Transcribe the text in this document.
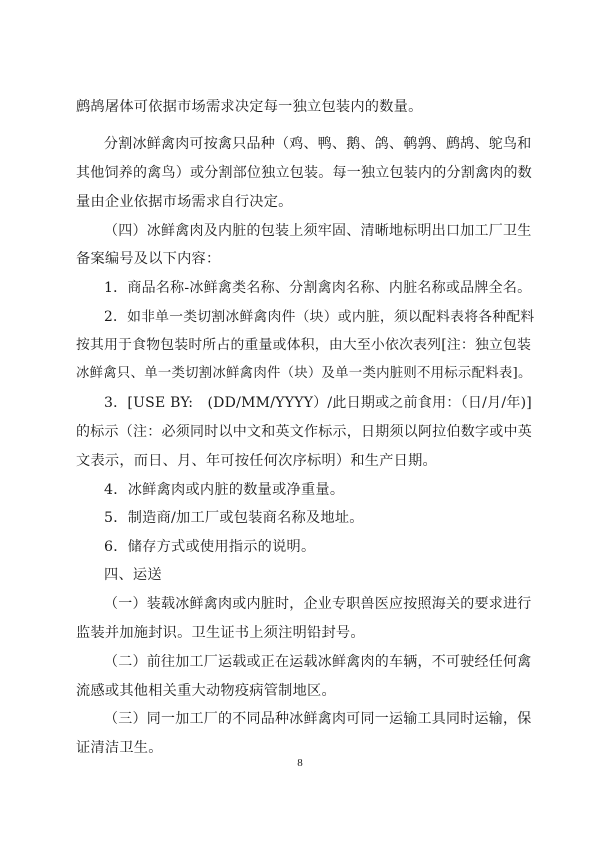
鹧鸪屠体可依据市场需求决定每一独立包装内的数量。
分割冰鲜禽肉可按禽只品种（鸡、鸭、鹅、鸽、鹌鹑、鹧鸪、鸵鸟和
其他饲养的禽鸟）或分割部位独立包装。每一独立包装内的分割禽肉的数
量由企业依据市场需求自行决定。
（四）冰鲜禽肉及内脏的包装上须牢固、清晰地标明出口加工厂卫生
备案编号及以下内容：
1．商品名称-冰鲜禽类名称、分割禽肉名称、内脏名称或品牌全名。
2．如非单一类切割冰鲜禽肉件（块）或内脏，须以配料表将各种配料
按其用于食物包装时所占的重量或体积，由大至小依次表列[注：独立包装
冰鲜禽只、单一类切割冰鲜禽肉件（块）及单一类内脏则不用标示配料表]。
3．[USE BY:　(DD/MM/YYYY）/此日期或之前食用：（日/月/年)]
的标示（注：必须同时以中文和英文作标示，日期须以阿拉伯数字或中英
文表示，而日、月、年可按任何次序标明）和生产日期。
4．冰鲜禽肉或内脏的数量或净重量。
5．制造商/加工厂或包装商名称及地址。
6．储存方式或使用指示的说明。
四、运送
（一）装载冰鲜禽肉或内脏时，企业专职兽医应按照海关的要求进行
监装并加施封识。卫生证书上须注明铅封号。
（二）前往加工厂运载或正在运载冰鲜禽肉的车辆，不可驶经任何禽
流感或其他相关重大动物疫病管制地区。
（三）同一加工厂的不同品种冰鲜禽肉可同一运输工具同时运输，保
证清洁卫生。
8
